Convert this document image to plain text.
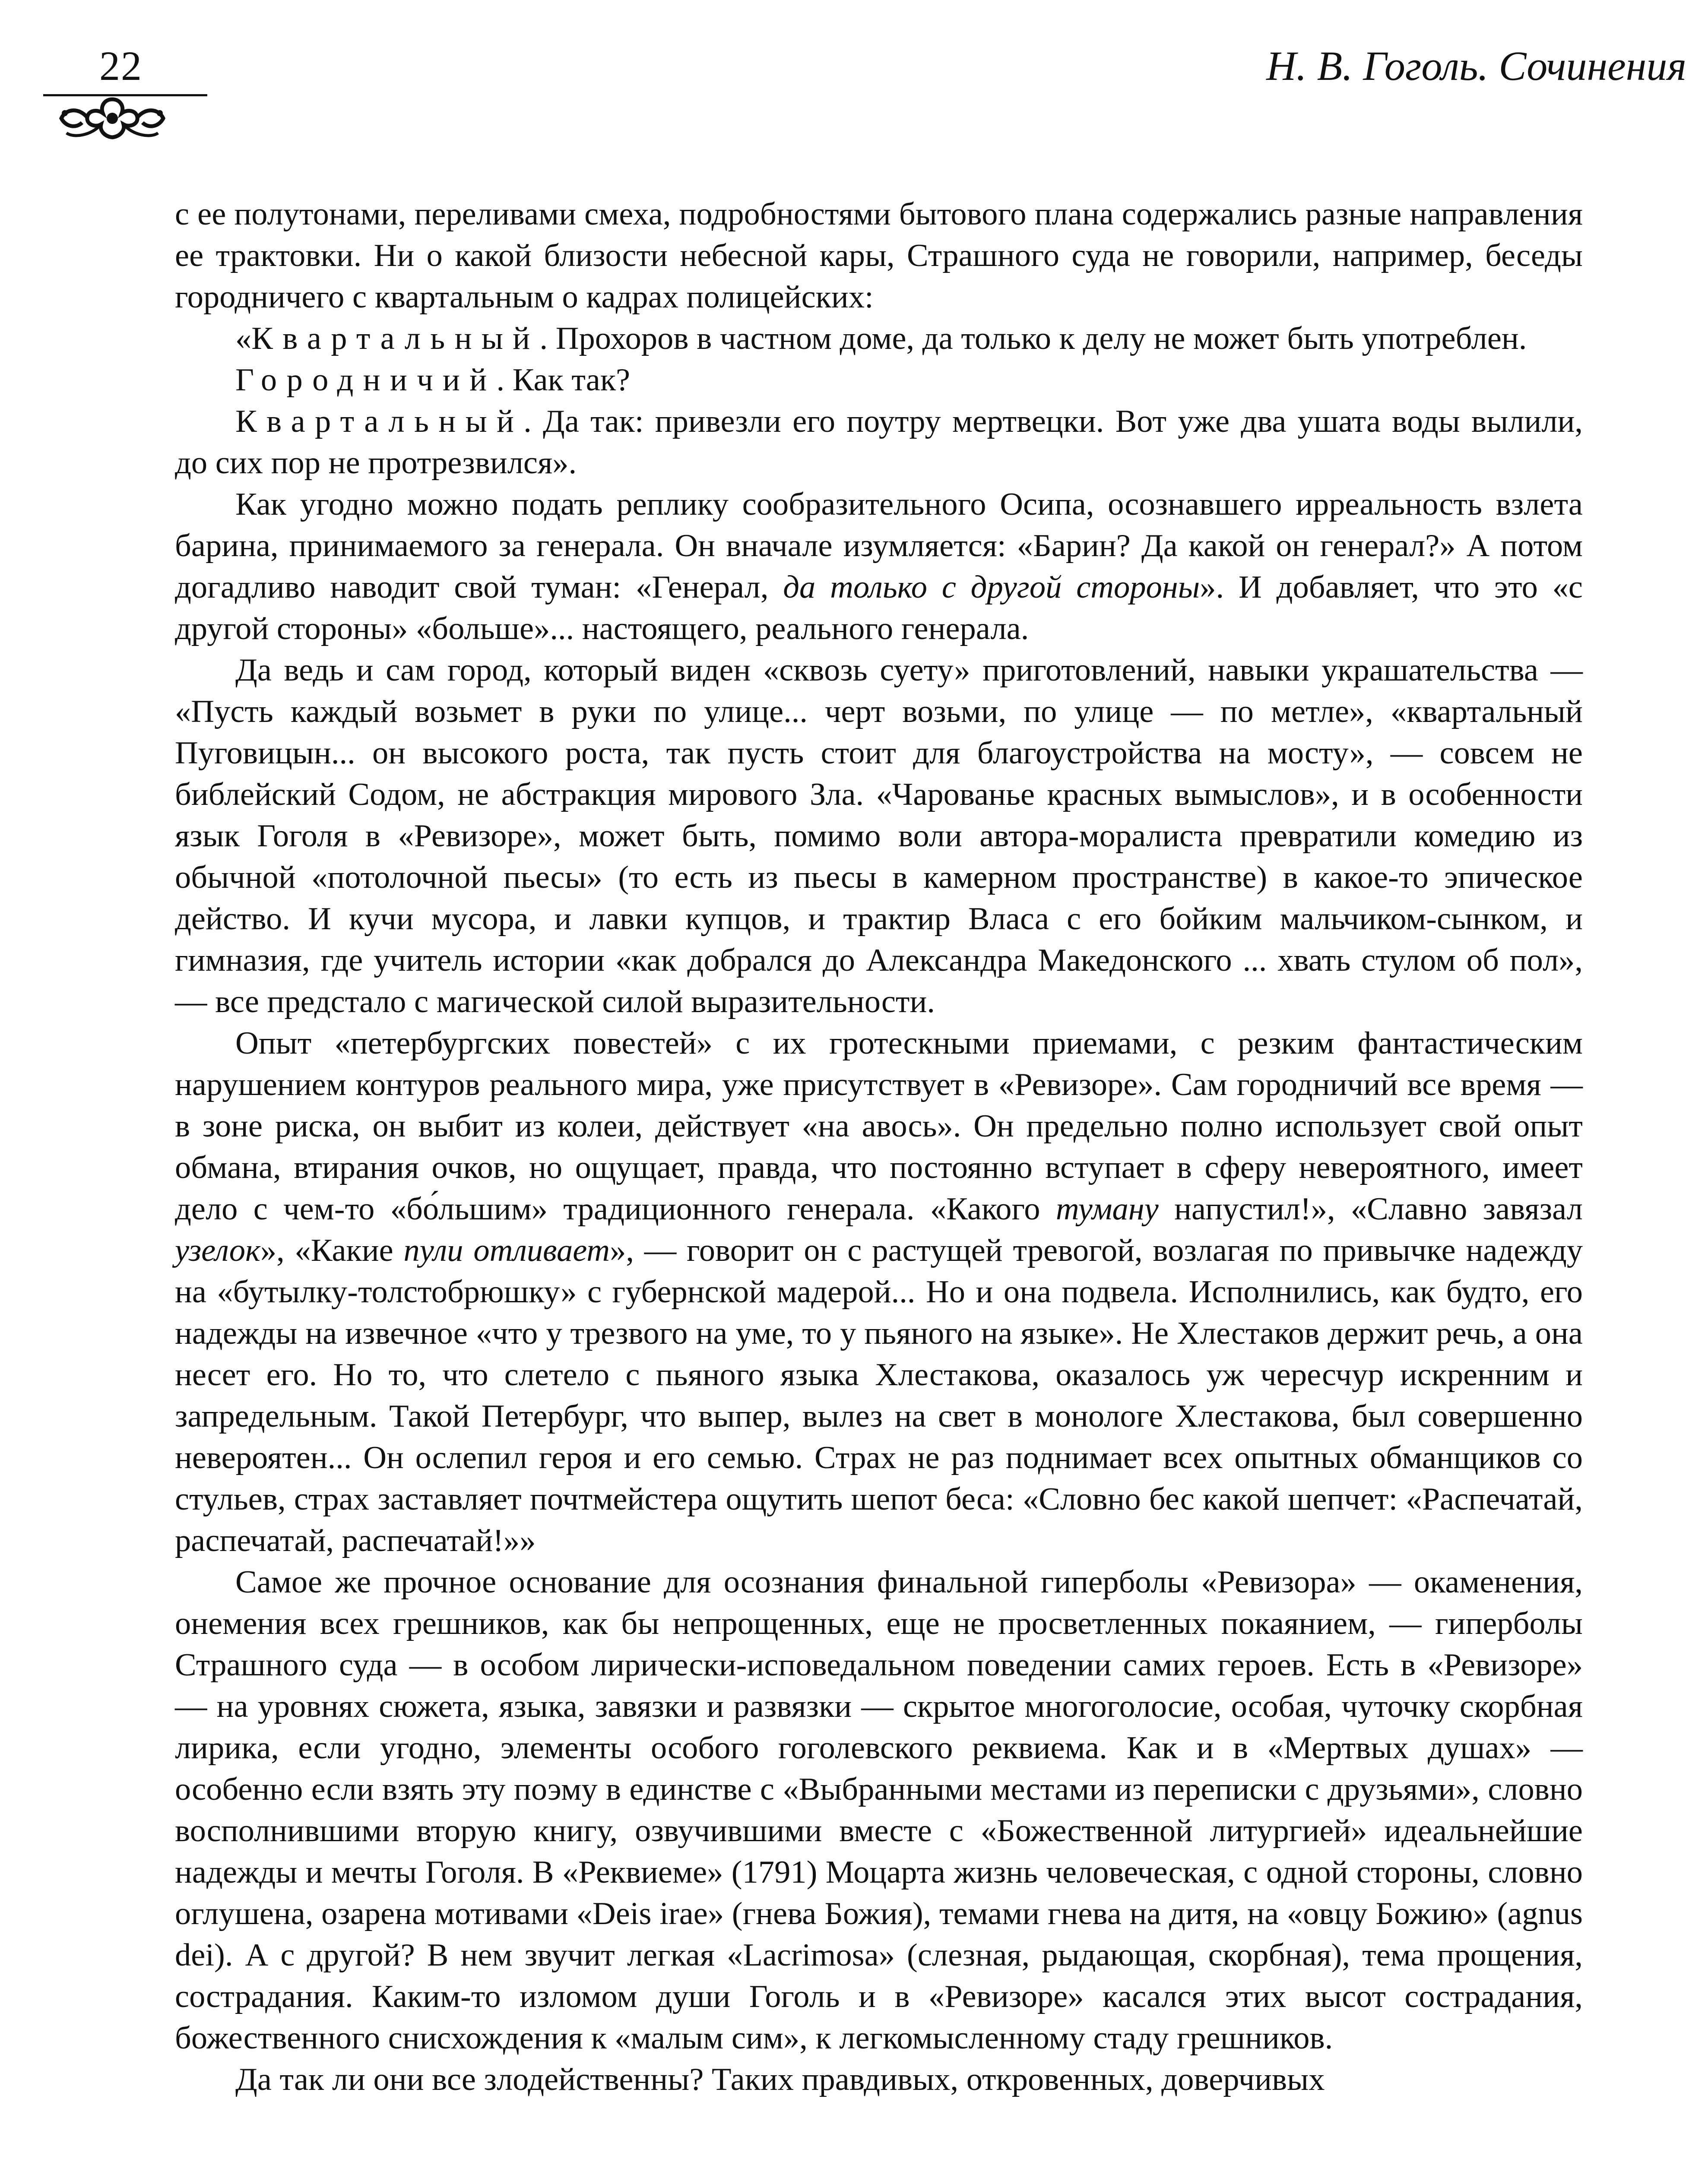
22	Н. В. Гоголь. Сочинения

с ее полутонами, переливами смеха, подробностями бытового плана содержались разные направления ее трактовки. Ни о какой близости небесной кары, Страшного суда не говорили, например, беседы городничего с квартальным о кадрах полицейских:

«Квартальный. Прохоров в частном доме, да только к делу не может быть употреблен.

Городничий. Как так?

Квартальный. Да так: привезли его поутру мертвецки. Вот уже два ушата воды вылили, до сих пор не протрезвился».

Как угодно можно подать реплику сообразительного Осипа, осознавшего ирреальность взлета барина, принимаемого за генерала. Он вначале изумляется: «Барин? Да какой он генерал?» А потом догадливо наводит свой туман: «Генерал, да только с другой стороны». И добавляет, что это «с другой стороны» «больше»... настоящего, реального генерала.

Да ведь и сам город, который виден «сквозь суету» приготовлений, навыки украшательства — «Пусть каждый возьмет в руки по улице... черт возьми, по улице — по метле», «квартальный Пуговицын... он высокого роста, так пусть стоит для благоустройства на мосту», — совсем не библейский Содом, не абстракция мирового Зла. «Чарованье красных вымыслов», и в особенности язык Гоголя в «Ревизоре», может быть, помимо воли автора-моралиста превратили комедию из обычной «потолочной пьесы» (то есть из пьесы в камерном пространстве) в какое-то эпическое действо. И кучи мусора, и лавки купцов, и трактир Власа с его бойким мальчиком-сынком, и гимназия, где учитель истории «как добрался до Александра Македонского ... хвать стулом об пол», — все предстало с магической силой выразительности.

Опыт «петербургских повестей» с их гротескными приемами, с резким фантастическим нарушением контуров реального мира, уже присутствует в «Ревизоре». Сам городничий все время — в зоне риска, он выбит из колеи, действует «на авось». Он предельно полно использует свой опыт обмана, втирания очков, но ощущает, правда, что постоянно вступает в сферу невероятного, имеет дело с чем-то «бо́льшим» традиционного генерала. «Какого туману напустил!», «Славно завязал узелок», «Какие пули отливает», — говорит он с растущей тревогой, возлагая по привычке надежду на «бутылку-толстобрюшку» с губернской мадерой... Но и она подвела. Исполнились, как будто, его надежды на извечное «что у трезвого на уме, то у пьяного на языке». Не Хлестаков держит речь, а она несет его. Но то, что слетело с пьяного языка Хлестакова, оказалось уж чересчур искренним и запредельным. Такой Петербург, что выпер, вылез на свет в монологе Хлестакова, был совершенно невероятен... Он ослепил героя и его семью. Страх не раз поднимает всех опытных обманщиков со стульев, страх заставляет почтмейстера ощутить шепот беса: «Словно бес какой шепчет: «Распечатай, распечатай, распечатай!»»

Самое же прочное основание для осознания финальной гиперболы «Ревизора» — окаменения, онемения всех грешников, как бы непрощенных, еще не просветленных покаянием, — гиперболы Страшного суда — в особом лирически-исповедальном поведении самих героев. Есть в «Ревизоре» — на уровнях сюжета, языка, завязки и развязки — скрытое многоголосие, особая, чуточку скорбная лирика, если угодно, элементы особого гоголевского реквиема. Как и в «Мертвых душах» — особенно если взять эту поэму в единстве с «Выбранными местами из переписки с друзьями», словно восполнившими вторую книгу, озвучившими вместе с «Божественной литургией» идеальнейшие надежды и мечты Гоголя. В «Реквиеме» (1791) Моцарта жизнь человеческая, с одной стороны, словно оглушена, озарена мотивами «Deis irae» (гнева Божия), темами гнева на дитя, на «овцу Божию» (agnus dei). А с другой? В нем звучит легкая «Lacrimosa» (слезная, рыдающая, скорбная), тема прощения, сострадания. Каким-то изломом души Гоголь и в «Ревизоре» касался этих высот сострадания, божественного снисхождения к «малым сим», к легкомысленному стаду грешников.

Да так ли они все злодейственны? Таких правдивых, откровенных, доверчивых
